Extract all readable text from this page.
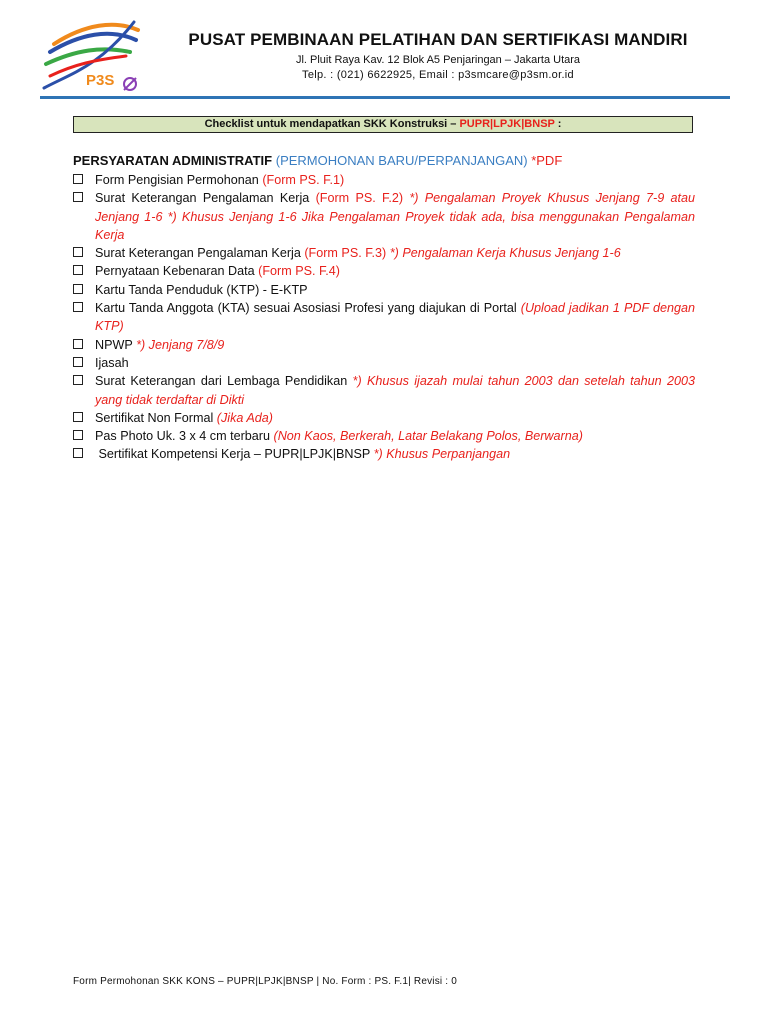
P3S
PUSAT PEMBINAAN PELATIHAN DAN SERTIFIKASI MANDIRI
Jl. Pluit Raya Kav. 12 Blok A5 Penjaringan – Jakarta Utara
Telp. : (021) 6622925, Email : p3smcare@p3sm.or.id
Checklist untuk mendapatkan SKK Konstruksi – PUPR|LPJK|BNSP :
PERSYARATAN ADMINISTRATIF (PERMOHONAN BARU/PERPANJANGAN) *PDF
Form Pengisian Permohonan (Form PS. F.1)
Surat Keterangan Pengalaman Kerja (Form PS. F.2) *) Pengalaman Proyek Khusus Jenjang 7-9 atau Jenjang 1-6 *) Khusus Jenjang 1-6 Jika Pengalaman Proyek tidak ada, bisa menggunakan Pengalaman Kerja
Surat Keterangan Pengalaman Kerja (Form PS. F.3) *) Pengalaman Kerja Khusus Jenjang 1-6
Pernyataan Kebenaran Data (Form PS. F.4)
Kartu Tanda Penduduk (KTP) - E-KTP
Kartu Tanda Anggota (KTA) sesuai Asosiasi Profesi yang diajukan di Portal (Upload jadikan 1 PDF dengan KTP)
NPWP *) Jenjang 7/8/9
Ijasah
Surat Keterangan dari Lembaga Pendidikan *) Khusus ijazah mulai tahun 2003 dan setelah tahun 2003 yang tidak terdaftar di Dikti
Sertifikat Non Formal (Jika Ada)
Pas Photo Uk. 3 x 4 cm terbaru (Non Kaos, Berkerah, Latar Belakang Polos, Berwarna)
Sertifikat Kompetensi Kerja – PUPR|LPJK|BNSP *) Khusus Perpanjangan
Form Permohonan SKK KONS – PUPR|LPJK|BNSP | No. Form : PS. F.1| Revisi : 0
